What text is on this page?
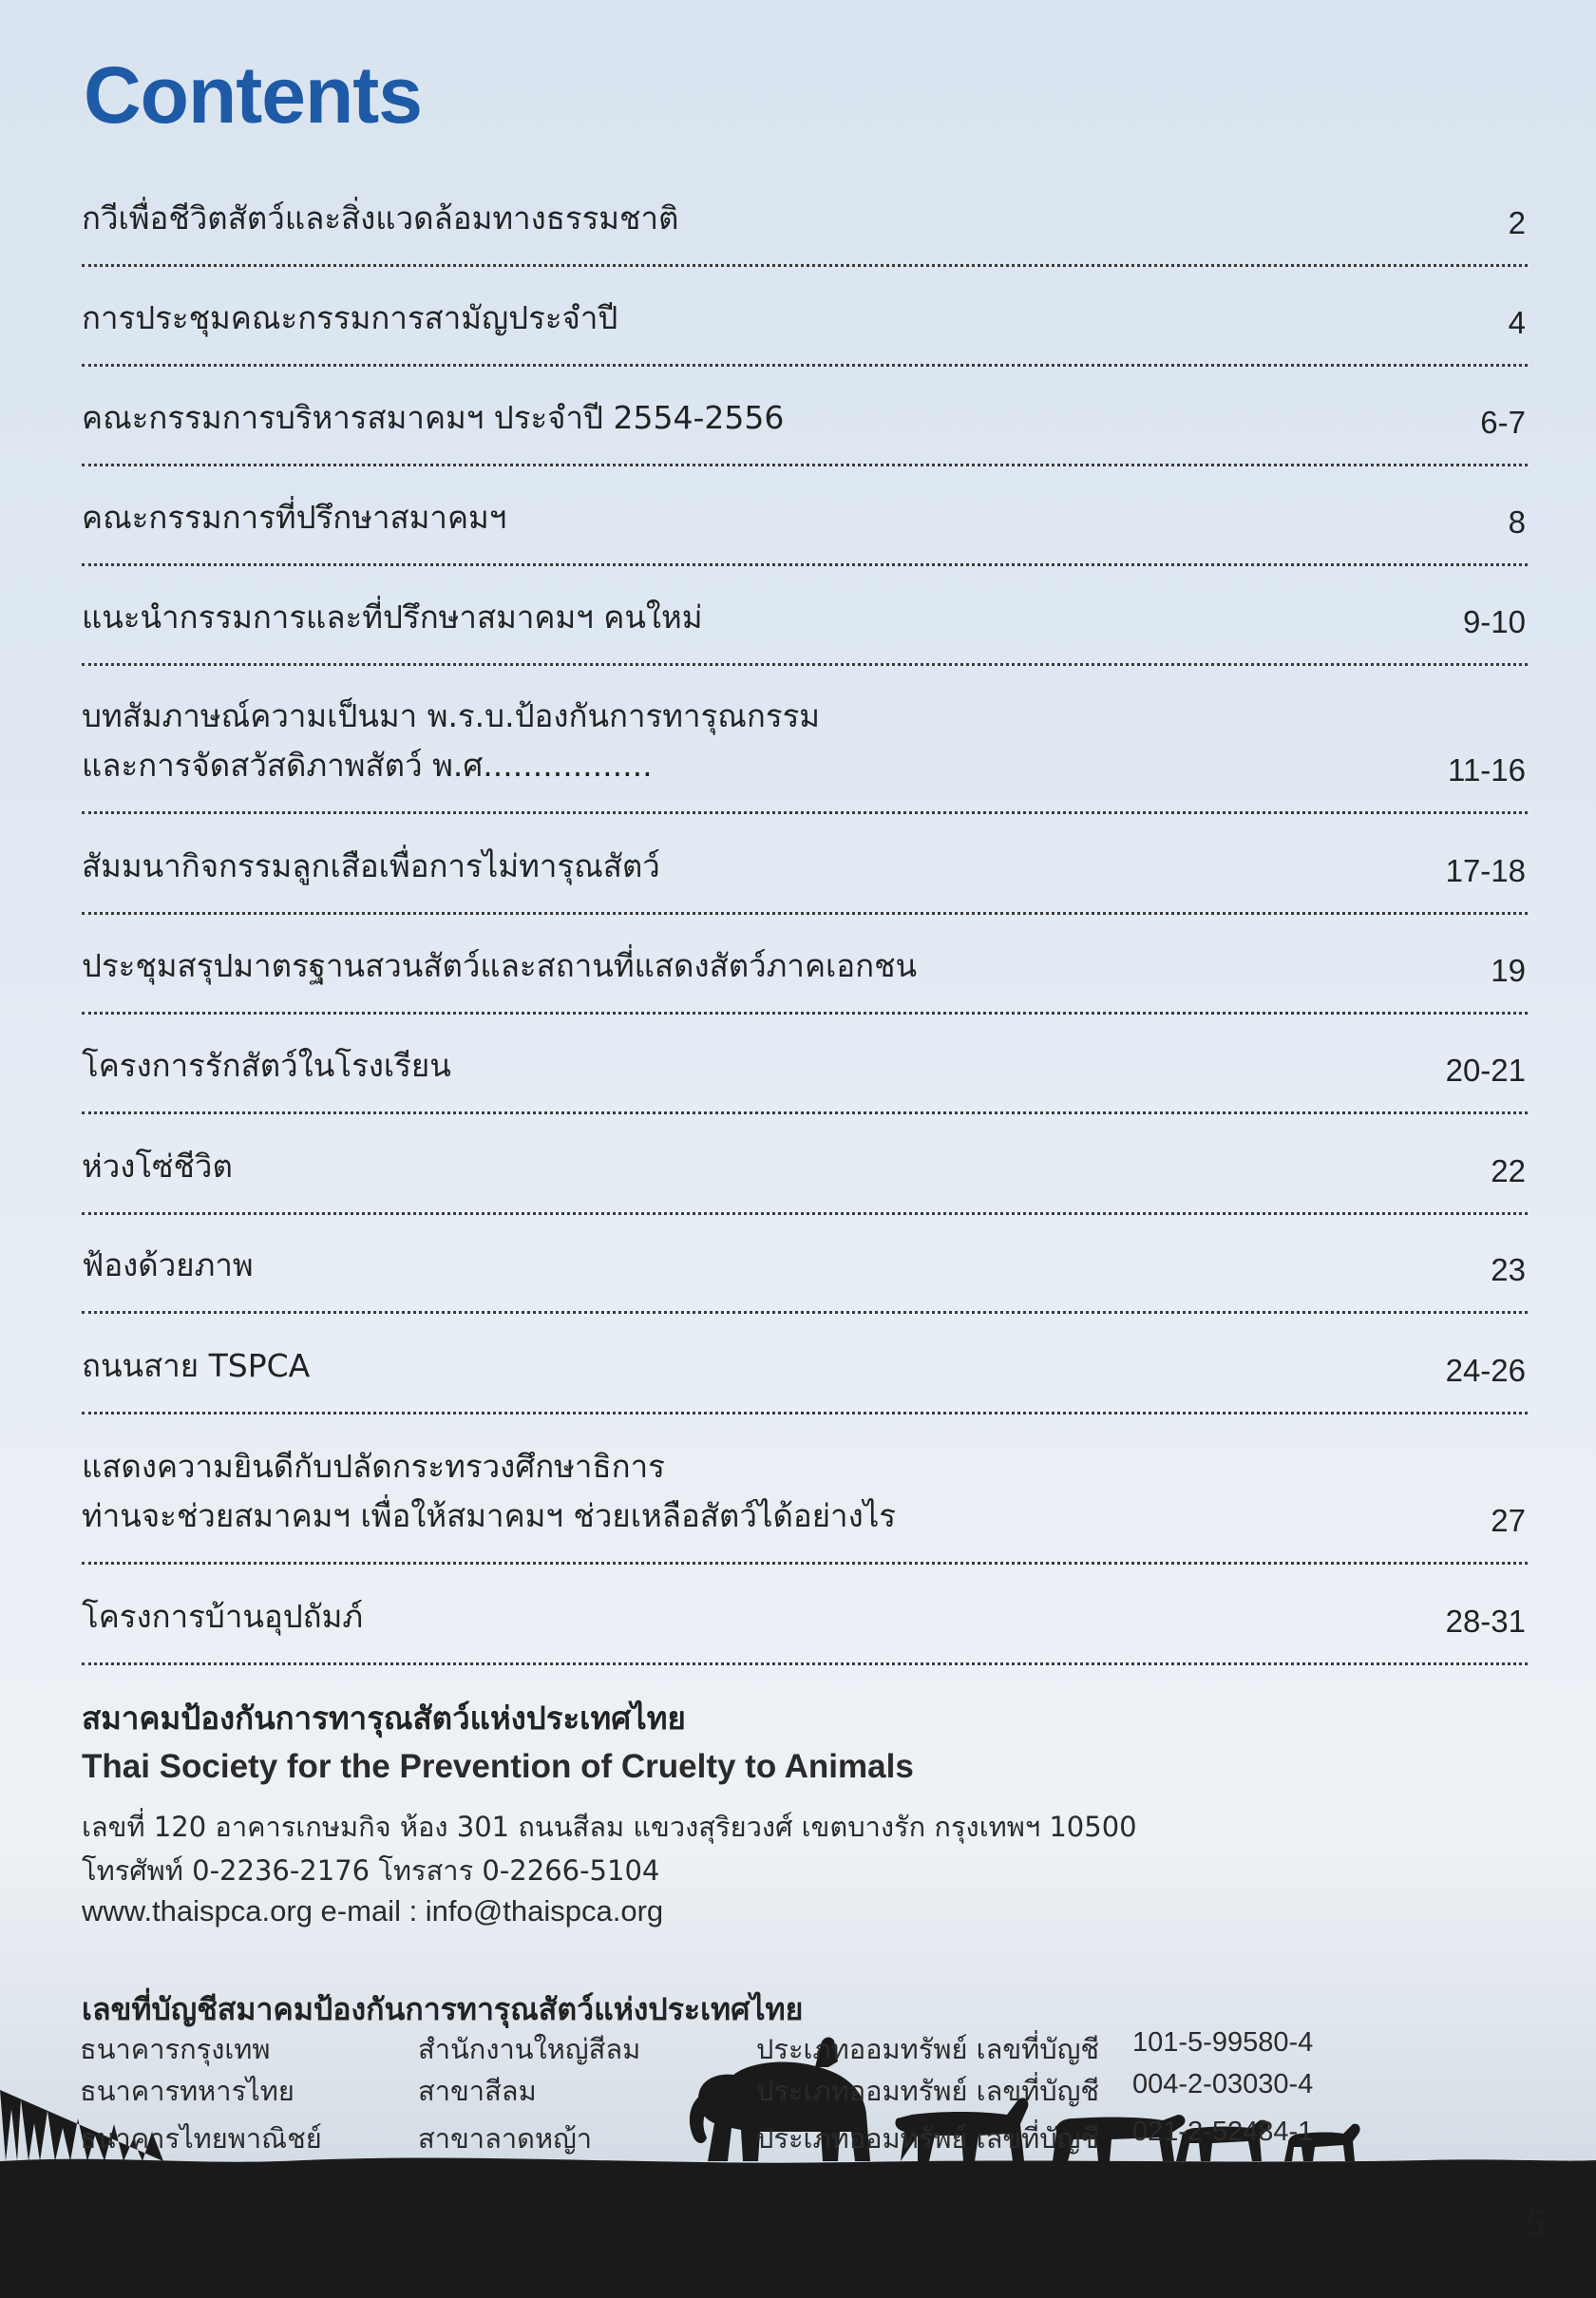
Contents
กวีเพื่อชีวิตสัตว์และสิ่งแวดล้อมทางธรรมชาติ	2
การประชุมคณะกรรมการสามัญประจำปี	4
คณะกรรมการบริหารสมาคมฯ ประจำปี 2554-2556	6-7
คณะกรรมการที่ปรึกษาสมาคมฯ	8
แนะนำกรรมการและที่ปรึกษาสมาคมฯ คนใหม่	9-10
บทสัมภาษณ์ความเป็นมา พ.ร.บ.ป้องกันการทารุณกรรม
และการจัดสวัสดิภาพสัตว์ พ.ศ.................	11-16
สัมมนากิจกรรมลูกเสือเพื่อการไม่ทารุณสัตว์	17-18
ประชุมสรุปมาตรฐานสวนสัตว์และสถานที่แสดงสัตว์ภาคเอกชน	19
โครงการรักสัตว์ในโรงเรียน	20-21
ห่วงโซ่ชีวิต	22
ฟ้องด้วยภาพ	23
ถนนสาย TSPCA	24-26
แสดงความยินดีกับปลัดกระทรวงศึกษาธิการ
ท่านจะช่วยสมาคมฯ เพื่อให้สมาคมฯ ช่วยเหลือสัตว์ได้อย่างไร	27
โครงการบ้านอุปถัมภ์	28-31
สมาคมป้องกันการทารุณสัตว์แห่งประเทศไทย
Thai Society for the Prevention of Cruelty to Animals
เลขที่ 120 อาคารเกษมกิจ ห้อง 301 ถนนสีลม แขวงสุริยวงศ์ เขตบางรัก กรุงเทพฯ 10500
โทรศัพท์ 0-2236-2176 โทรสาร 0-2266-5104
www.thaispca.org e-mail : info@thaispca.org
เลขที่บัญชีสมาคมป้องกันการทารุณสัตว์แห่งประเทศไทย
ธนาคารกรุงเทพ	สำนักงานใหญ่สีลม	ประเภทออมทรัพย์ เลขที่บัญชี 101-5-99580-4
ธนาคารทหารไทย	สาขาสีลม	ประเภทออมทรัพย์ เลขที่บัญชี 004-2-03030-4
ธนาคารไทยพาณิชย์	สาขาลาดหญ้า	ประเภทออมทรัพย์ เลขที่บัญชี 021-2-52484-1
5
